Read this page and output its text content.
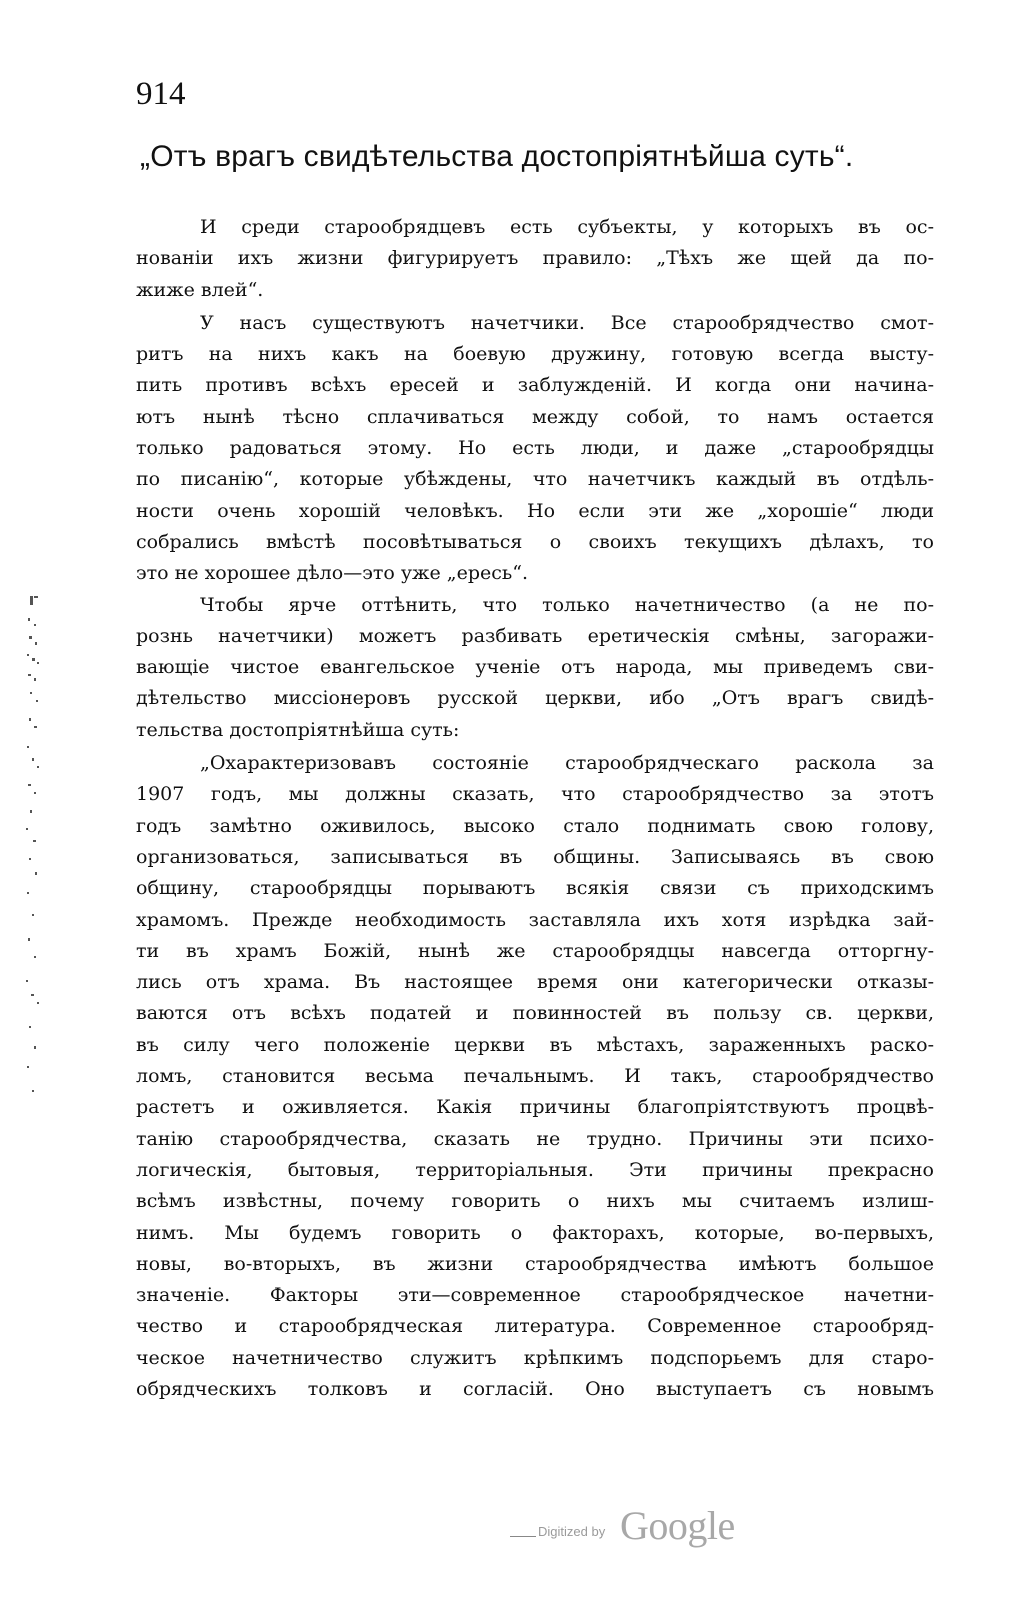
914
„Отъ врагъ свидѣтельства достопріятнѣйша суть“.
И среди старообрядцевъ есть субъекты, у которыхъ въ ос-
нованіи ихъ жизни фигурируетъ правило: „Тѣхъ же щей да по-
жиже влей“.
У насъ существуютъ начетчики. Все старообрядчество смот-
ритъ на нихъ какъ на боевую дружину, готовую всегда высту-
пить противъ всѣхъ ересей и заблужденій. И когда они начина-
ютъ нынѣ тѣсно сплачиваться между собой, то намъ остается
только радоваться этому. Но есть люди, и даже „старообрядцы
по писанію“, которые убѣждены, что начетчикъ каждый въ отдѣль-
ности очень хорошій человѣкъ. Но если эти же „хорошіе“ люди
собрались вмѣстѣ посовѣтываться о своихъ текущихъ дѣлахъ, то
это не хорошее дѣло—это уже „ересь“.
Чтобы ярче оттѣнить, что только начетничество (а не по-
рознь начетчики) можетъ разбивать еретическія смѣны, загоражи-
вающіе чистое евангельское ученіе отъ народа, мы приведемъ сви-
дѣтельство миссіонеровъ русской церкви, ибо „Отъ врагъ свидѣ-
тельства достопріятнѣйша суть:
„Охарактеризовавъ состояніе старообрядческаго раскола за
1907 годъ, мы должны сказать, что старообрядчество за этотъ
годъ замѣтно оживилось, высоко стало поднимать свою голову,
организоваться, записываться въ общины. Записываясь въ свою
общину, старообрядцы порываютъ всякія связи съ приходскимъ
храмомъ. Прежде необходимость заставляла ихъ хотя изрѣдка зай-
ти въ храмъ Божій, нынѣ же старообрядцы навсегда отторгну-
лись отъ храма. Въ настоящее время они категорически отказы-
ваются отъ всѣхъ податей и повинностей въ пользу св. церкви,
въ силу чего положеніе церкви въ мѣстахъ, зараженныхъ раско-
ломъ, становится весьма печальнымъ. И такъ, старообрядчество
растетъ и оживляется. Какія причины благопріятствуютъ процвѣ-
танію старообрядчества, сказать не трудно. Причины эти психо-
логическія, бытовыя, территоріальныя. Эти причины прекрасно
всѣмъ извѣстны, почему говорить о нихъ мы считаемъ излиш-
нимъ. Мы будемъ говорить о факторахъ, которые, во-первыхъ,
новы, во-вторыхъ, въ жизни старообрядчества имѣютъ большое
значеніе. Факторы эти—современное старообрядческое начетни-
чество и старообрядческая литература. Современное старообряд-
ческое начетничество служитъ крѣпкимъ подспорьемъ для старо-
обрядческихъ толковъ и согласій. Оно выступаетъ съ новымъ
Digitized by Google
